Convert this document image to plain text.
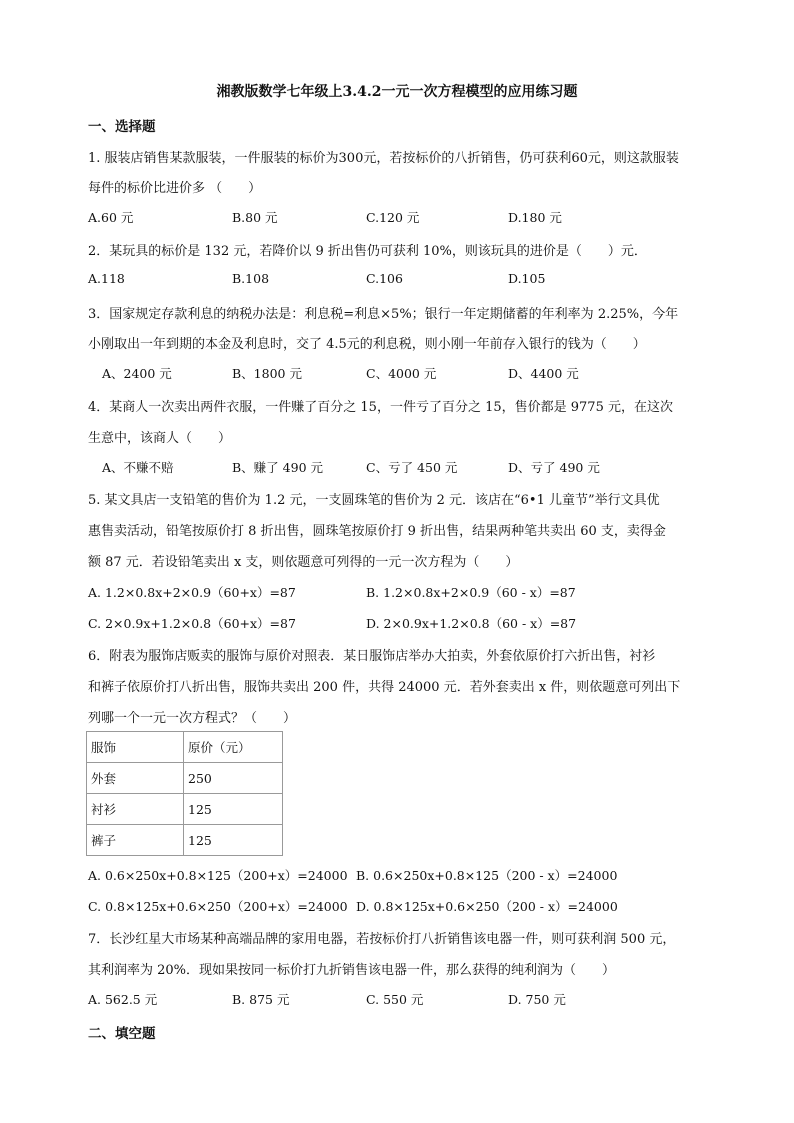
湘教版数学七年级上3.4.2一元一次方程模型的应用练习题
一、选择题
1. 服装店销售某款服装，一件服装的标价为300元，若按标价的八折销售，仍可获利60元，则这款服装
每件的标价比进价多 （　　）
A.60 元	B.80 元	C.120 元	D.180 元
2．某玩具的标价是 132 元，若降价以 9 折出售仍可获利 10%，则该玩具的进价是（　　）元．
A.118	B.108	C.106	D.105
3．国家规定存款利息的纳税办法是：利息税=利息×5%；银行一年定期储蓄的年利率为 2.25%，今年
小刚取出一年到期的本金及利息时，交了 4.5元的利息税，则小刚一年前存入银行的钱为（　　）
A、2400 元	B、1800 元	C、4000 元	D、4400 元
4．某商人一次卖出两件衣服，一件赚了百分之 15，一件亏了百分之 15，售价都是 9775 元，在这次
生意中，该商人（　　）
A、不赚不赔	B、赚了 490 元	C、亏了 450 元	D、亏了 490 元
5. 某文具店一支铅笔的售价为 1.2 元，一支圆珠笔的售价为 2 元．该店在“6•1 儿童节”举行文具优
惠售卖活动，铅笔按原价打 8 折出售，圆珠笔按原价打 9 折出售，结果两种笔共卖出 60 支，卖得金
额 87 元．若设铅笔卖出 x 支，则依题意可列得的一元一次方程为（　　）
A. 1.2×0.8x+2×0.9（60+x）=87	B. 1.2×0.8x+2×0.9（60 - x）=87
C. 2×0.9x+1.2×0.8（60+x）=87	D. 2×0.9x+1.2×0.8（60 - x）=87
6．附表为服饰店贩卖的服饰与原价对照表．某日服饰店举办大拍卖，外套依原价打六折出售，衬衫
和裤子依原价打八折出售，服饰共卖出 200 件，共得 24000 元．若外套卖出 x 件，则依题意可列出下
列哪一个一元一次方程式？（　　）
服饰	原价（元）
外套	250
衬衫	125
裤子	125
A. 0.6×250x+0.8×125（200+x）=24000 B. 0.6×250x+0.8×125（200 - x）=24000
C. 0.8×125x+0.6×250（200+x）=24000 D. 0.8×125x+0.6×250（200 - x）=24000
7．长沙红星大市场某种高端品牌的家用电器，若按标价打八折销售该电器一件，则可获利润 500 元，
其利润率为 20%．现如果按同一标价打九折销售该电器一件，那么获得的纯利润为（　　）
A. 562.5 元	B. 875 元	C. 550 元	D. 750 元
二、填空题
